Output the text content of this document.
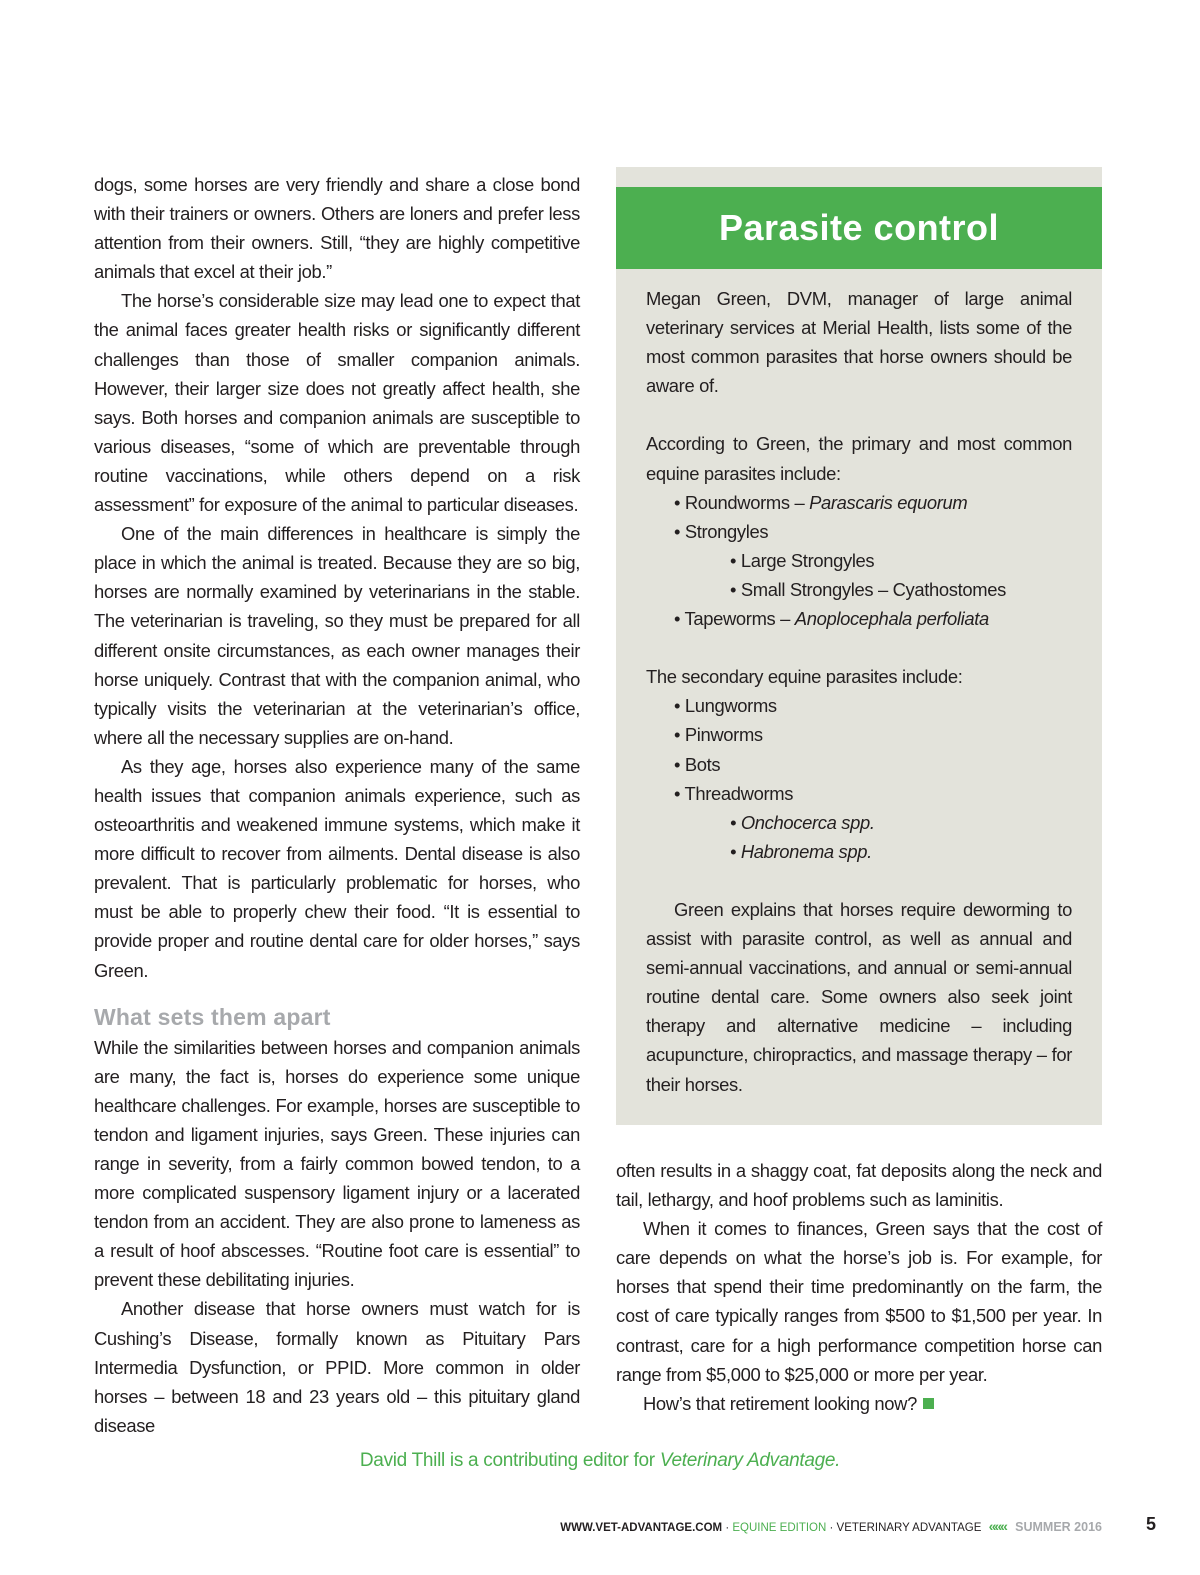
dogs, some horses are very friendly and share a close bond with their trainers or owners. Others are loners and prefer less attention from their owners. Still, “they are highly competitive animals that excel at their job.”

The horse’s considerable size may lead one to expect that the animal faces greater health risks or significantly different challenges than those of smaller companion animals. However, their larger size does not greatly affect health, she says. Both horses and companion animals are susceptible to various diseases, “some of which are preventable through routine vaccinations, while others depend on a risk assessment” for exposure of the animal to particular diseases.

One of the main differences in healthcare is simply the place in which the animal is treated. Because they are so big, horses are normally examined by veterinarians in the stable. The veterinarian is traveling, so they must be prepared for all different onsite circumstances, as each owner manages their horse uniquely. Contrast that with the companion animal, who typically visits the veterinarian at the veterinarian’s office, where all the necessary supplies are on-hand.

As they age, horses also experience many of the same health issues that companion animals experience, such as osteoarthritis and weakened immune systems, which make it more difficult to recover from ailments. Dental disease is also prevalent. That is particularly problematic for horses, who must be able to properly chew their food. “It is essential to provide proper and routine dental care for older horses,” says Green.

What sets them apart

While the similarities between horses and companion animals are many, the fact is, horses do experience some unique healthcare challenges. For example, horses are susceptible to tendon and ligament injuries, says Green. These injuries can range in severity, from a fairly common bowed tendon, to a more complicated suspensory ligament injury or a lacerated tendon from an accident. They are also prone to lameness as a result of hoof abscesses. “Routine foot care is essential” to prevent these debilitating injuries.

Another disease that horse owners must watch for is Cushing’s Disease, formally known as Pituitary Pars Intermedia Dysfunction, or PPID. More common in older horses – between 18 and 23 years old – this pituitary gland disease

Parasite control

Megan Green, DVM, manager of large animal veterinary services at Merial Health, lists some of the most common parasites that horse owners should be aware of.

According to Green, the primary and most common equine parasites include:

• Roundworms – Parascaris equorum
• Strongyles
• Large Strongyles
• Small Strongyles – Cyathostomes
• Tapeworms – Anoplocephala perfoliata

The secondary equine parasites include:

• Lungworms
• Pinworms
• Bots
• Threadworms
• Onchocerca spp.
• Habronema spp.

Green explains that horses require deworming to assist with parasite control, as well as annual and semi-annual vaccinations, and annual or semi-annual routine dental care. Some owners also seek joint therapy and alternative medicine – including acupuncture, chiropractics, and massage therapy – for their horses.

often results in a shaggy coat, fat deposits along the neck and tail, lethargy, and hoof problems such as laminitis.

When it comes to finances, Green says that the cost of care depends on what the horse’s job is. For example, for horses that spend their time predominantly on the farm, the cost of care typically ranges from $500 to $1,500 per year. In contrast, care for a high performance competition horse can range from $5,000 to $25,000 or more per year.

How’s that retirement looking now?

David Thill is a contributing editor for Veterinary Advantage.
WWW.VET-ADVANTAGE.COM · EQUINE EDITION · VETERINARY ADVANTAGE ««« SUMMER 2016 5
